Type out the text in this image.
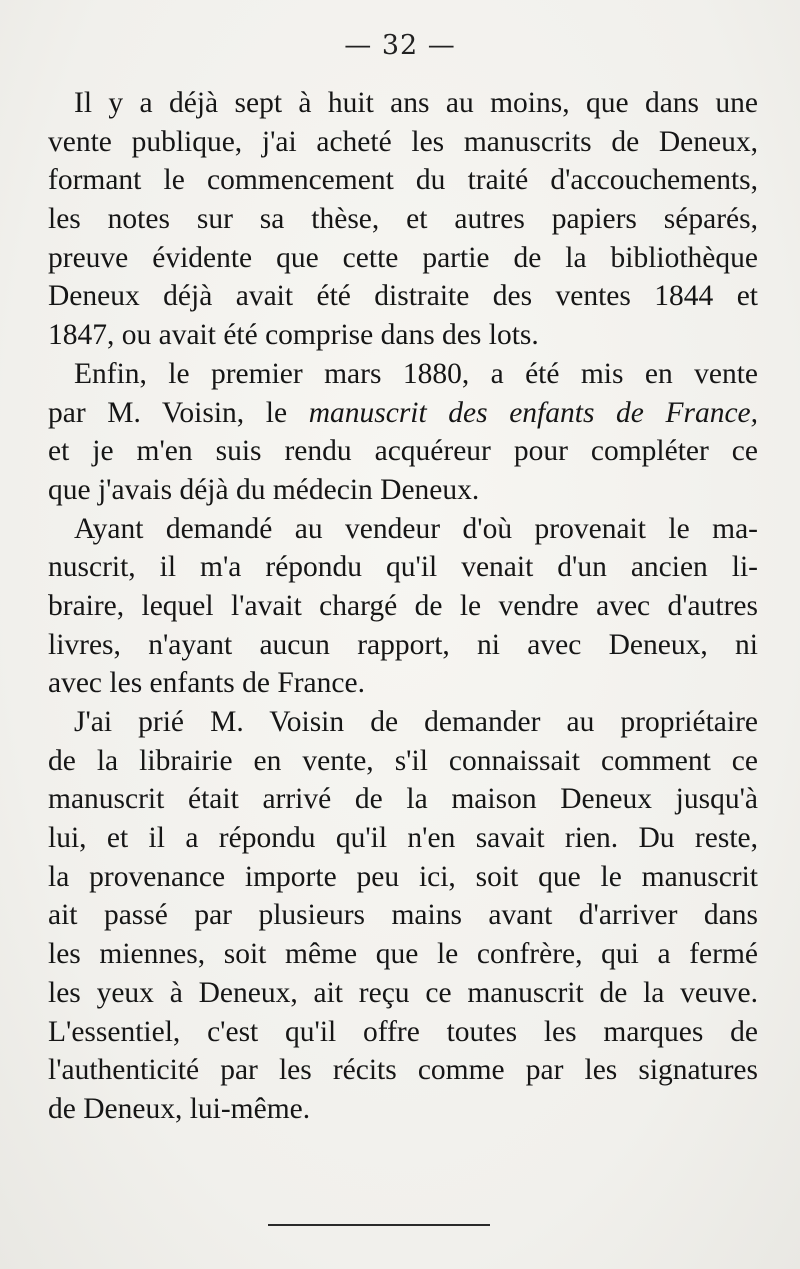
— 32 —
Il y a déjà sept à huit ans au moins, que dans une
vente publique, j'ai acheté les manuscrits de Deneux,
formant le commencement du traité d'accouchements,
les notes sur sa thèse, et autres papiers séparés,
preuve évidente que cette partie de la bibliothèque
Deneux déjà avait été distraite des ventes 1844 et
1847, ou avait été comprise dans des lots.
Enfin, le premier mars 1880, a été mis en vente
par M. Voisin, le manuscrit des enfants de France,
et je m'en suis rendu acquéreur pour compléter ce
que j'avais déjà du médecin Deneux.
Ayant demandé au vendeur d'où provenait le ma-
nuscrit, il m'a répondu qu'il venait d'un ancien li-
braire, lequel l'avait chargé de le vendre avec d'autres
livres, n'ayant aucun rapport, ni avec Deneux, ni
avec les enfants de France.
J'ai prié M. Voisin de demander au propriétaire
de la librairie en vente, s'il connaissait comment ce
manuscrit était arrivé de la maison Deneux jusqu'à
lui, et il a répondu qu'il n'en savait rien. Du reste,
la provenance importe peu ici, soit que le manuscrit
ait passé par plusieurs mains avant d'arriver dans
les miennes, soit même que le confrère, qui a fermé
les yeux à Deneux, ait reçu ce manuscrit de la veuve.
L'essentiel, c'est qu'il offre toutes les marques de
l'authenticité par les récits comme par les signatures
de Deneux, lui-même.
